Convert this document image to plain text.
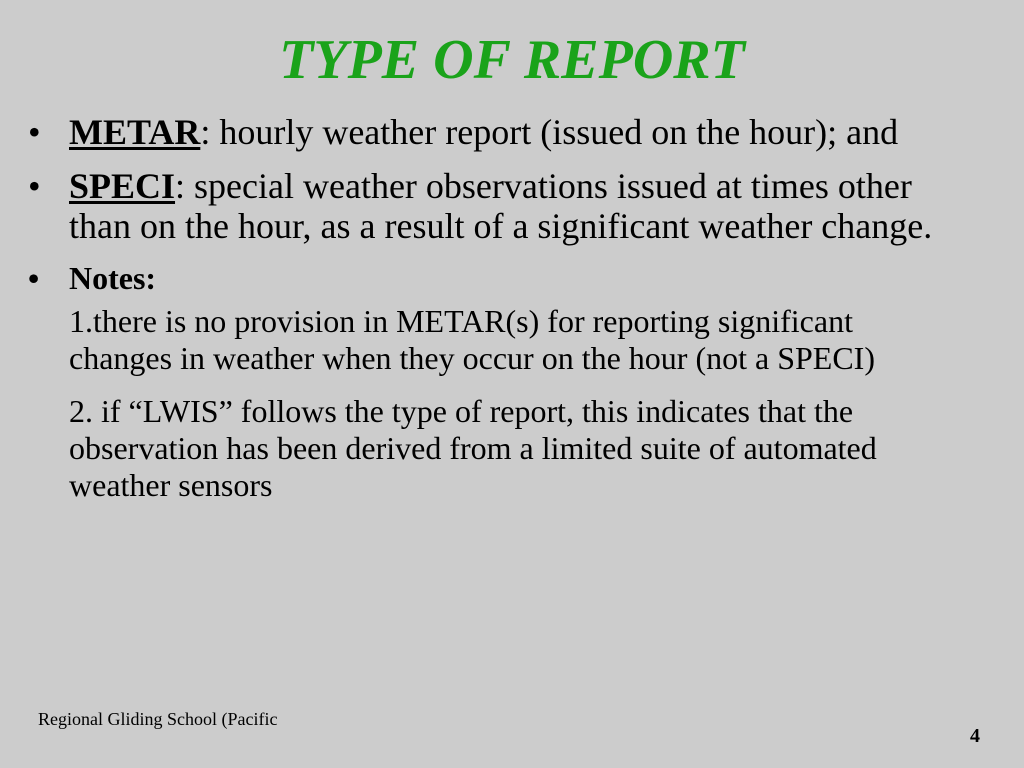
TYPE OF REPORT
• METAR: hourly weather report (issued on the hour); and
• SPECI: special weather observations issued at times other than on the hour, as a result of a significant weather change.
• Notes:
1.there is no provision in METAR(s) for reporting significant changes in weather when they occur on the hour (not a SPECI)
2. if “LWIS” follows the type of report, this indicates that the observation has been derived from a limited suite of automated weather sensors
Regional Gliding School (Pacific
4
